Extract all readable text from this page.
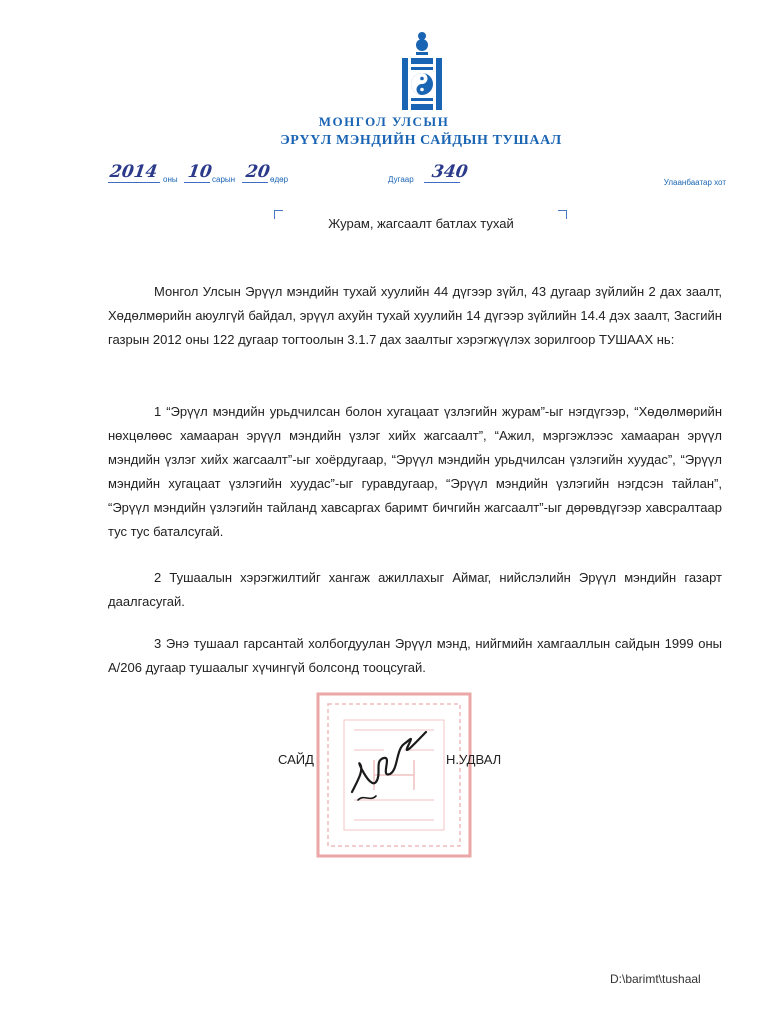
МОНГОЛ УЛСЫН
ЭРҮҮЛ МЭНДИЙН САЙДЫН ТУШААЛ
2014 оны 10
сарын 20
өдөр	Дугаар 340
Улаанбаатар хот
Журам, жагсаалт батлах тухай
Монгол Улсын Эрүүл мэндийн тухай хуулийн 44 дүгээр зүйл, 43 дугаар зүйлийн 2 дах заалт, Хөдөлмөрийн аюулгүй байдал, эрүүл ахуйн тухай хуулийн 14 дүгээр зүйлийн 14.4 дэх заалт, Засгийн газрын 2012 оны 122 дугаар тогтоолын 3.1.7 дах заалтыг хэрэгжүүлэх зорилгоор ТУШААХ нь:
1 “Эрүүл мэндийн урьдчилсан болон хугацаат үзлэгийн журам”-ыг нэгдүгээр, “Хөдөлмөрийн нөхцөлөөс хамааран эрүүл мэндийн үзлэг хийх жагсаалт”, “Ажил, мэргэжлээс хамааран эрүүл мэндийн үзлэг хийх жагсаалт”-ыг хоёрдугаар, “Эрүүл мэндийн урьдчилсан үзлэгийн хуудас”, “Эрүүл мэндийн хугацаат үзлэгийн хуудас”-ыг гуравдугаар, “Эрүүл мэндийн үзлэгийн нэгдсэн тайлан”, “Эрүүл мэндийн үзлэгийн тайланд хавсаргах баримт бичгийн жагсаалт”-ыг дөрөвдүгээр хавсралтаар тус тус баталсугай.
2 Тушаалын хэрэгжилтийг хангаж ажиллахыг Аймаг, нийслэлийн Эрүүл мэндийн газарт даалгасугай.
3 Энэ тушаал гарсантай холбогдуулан Эрүүл мэнд, нийгмийн хамгааллын сайдын 1999 оны А/206 дугаар тушаалыг хүчингүй болсонд тооцсугай.
САЙД	Н.УДВАЛ
D:\barimt\tushaal
